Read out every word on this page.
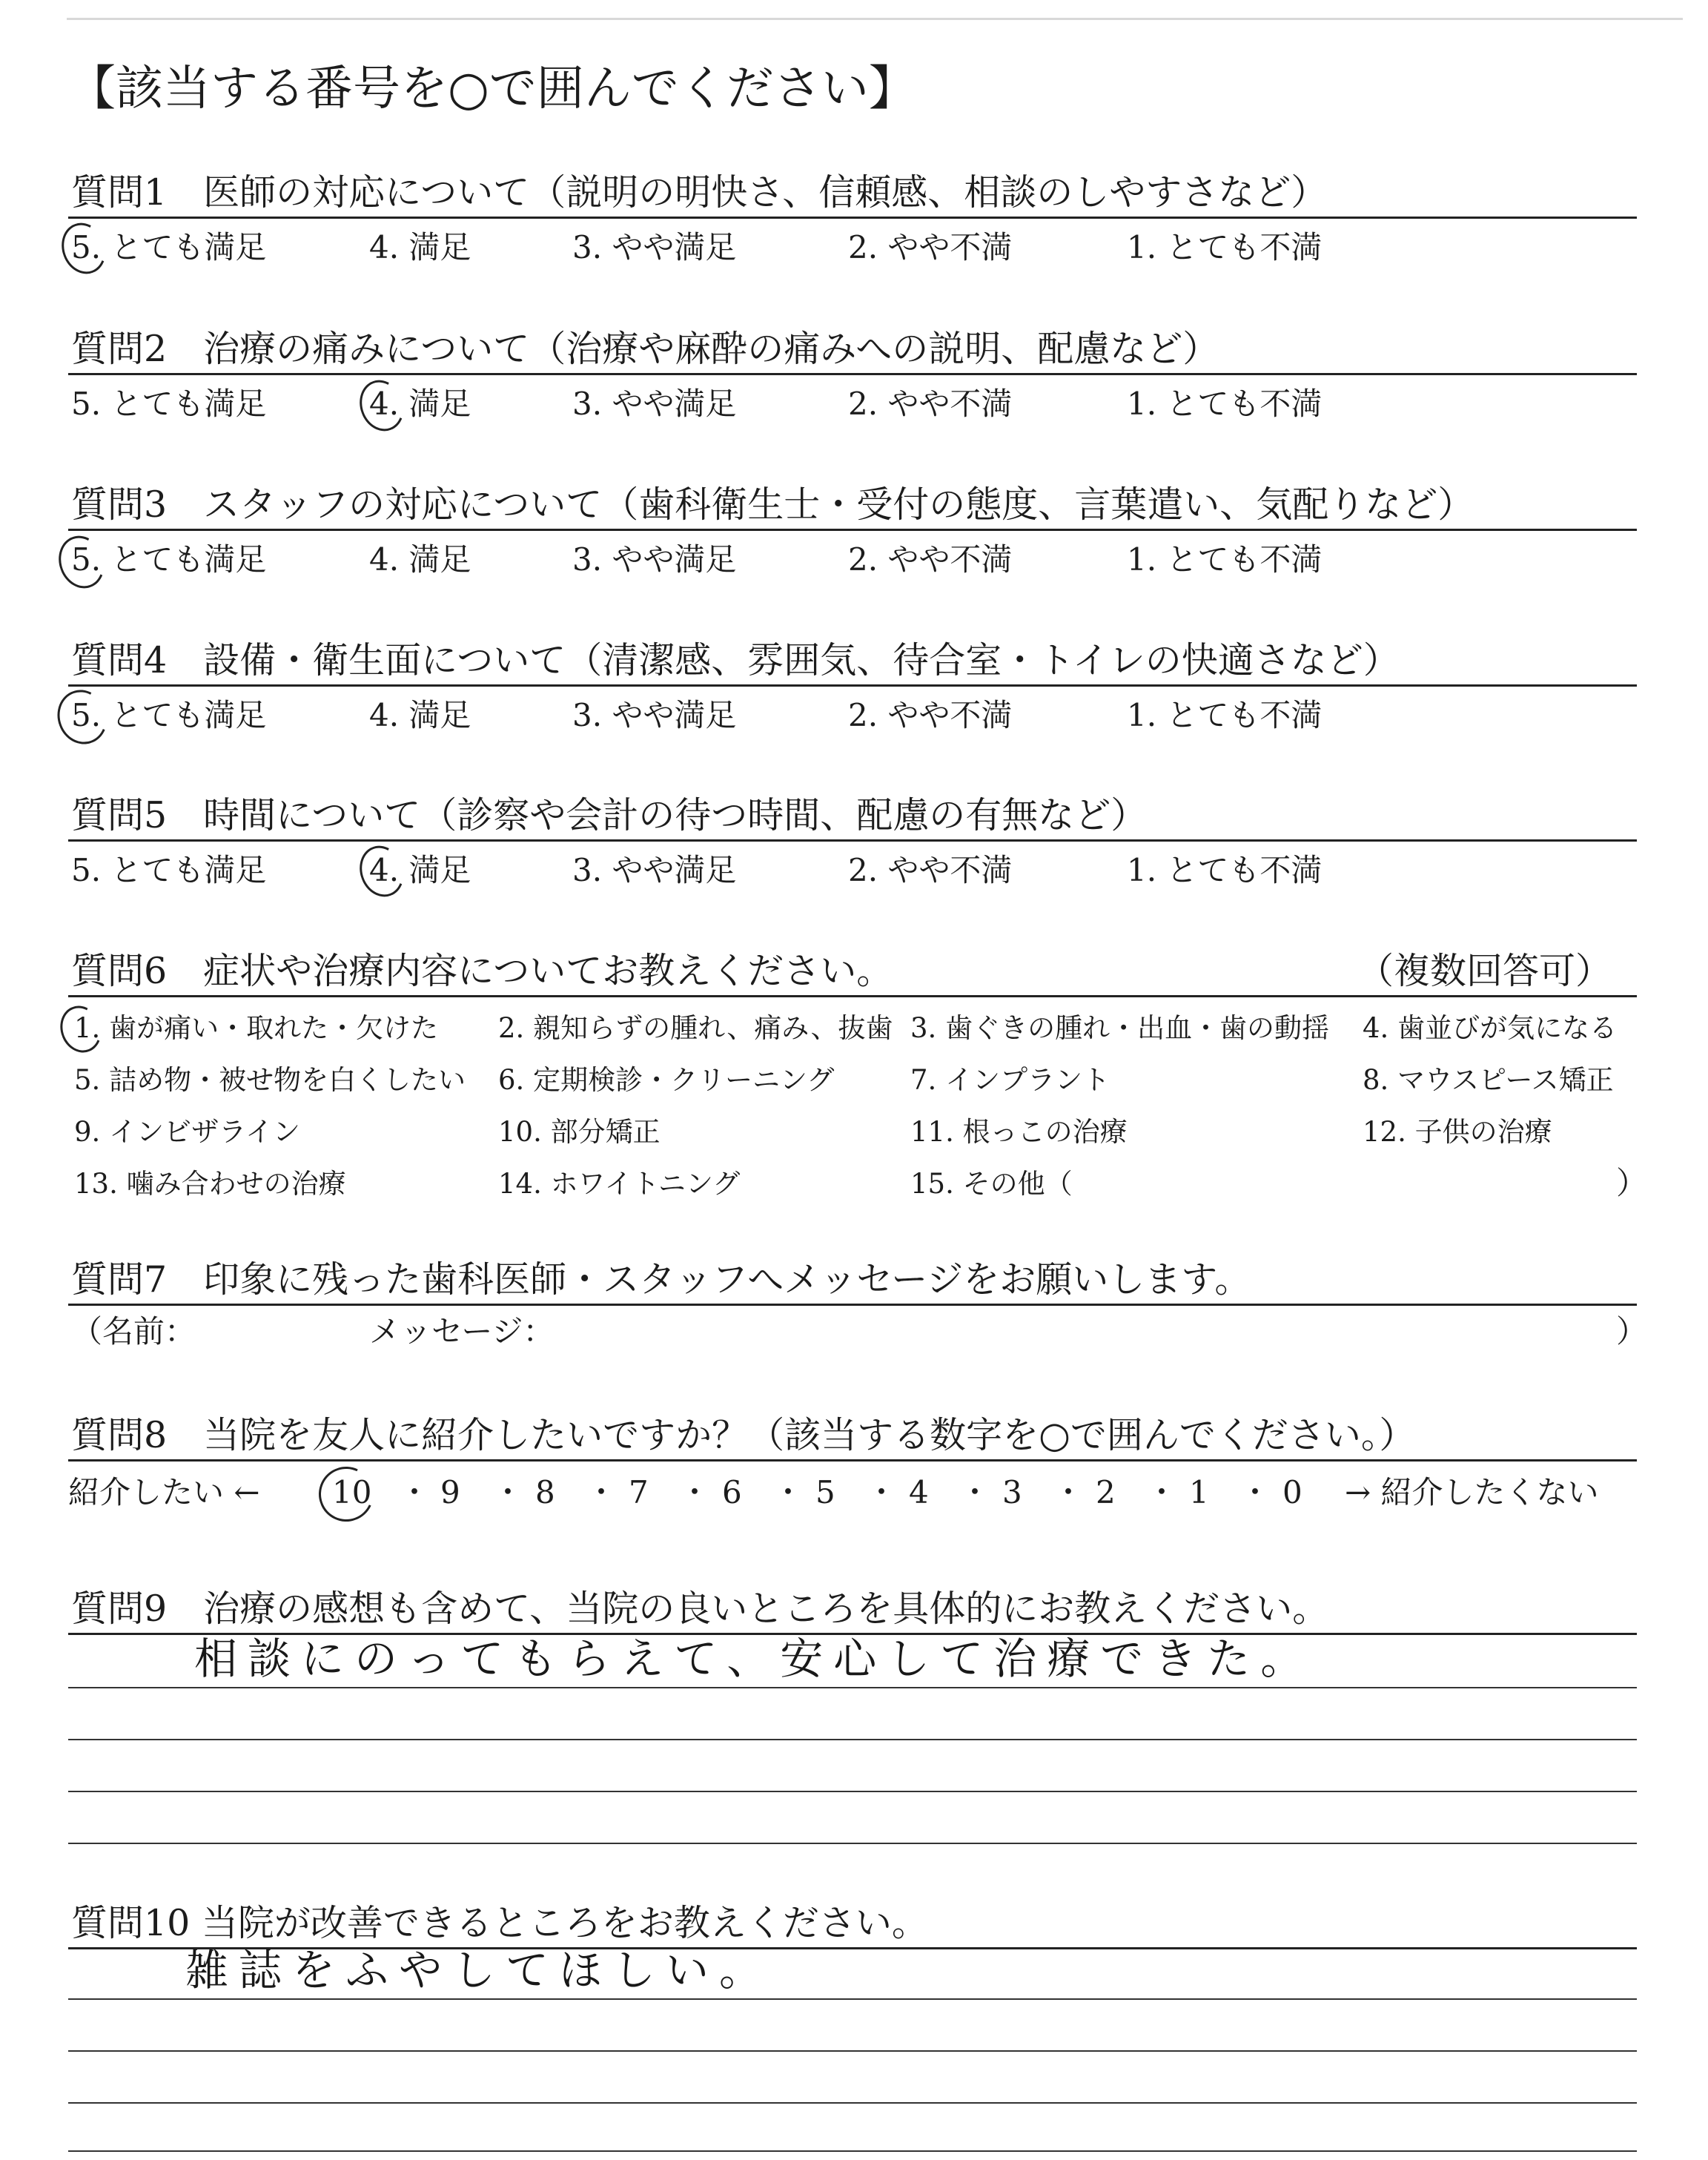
【該当する番号を○で囲んでください】
質問1　医師の対応について（説明の明快さ、信頼感、相談のしやすさなど）
5. とても満足	4. 満足	3. やや満足	2. やや不満	1. とても不満
質問2　治療の痛みについて（治療や麻酔の痛みへの説明、配慮など）
5. とても満足	4. 満足	3. やや満足	2. やや不満	1. とても不満
質問3　スタッフの対応について（歯科衛生士・受付の態度、言葉遣い、気配りなど）
5. とても満足	4. 満足	3. やや満足	2. やや不満	1. とても不満
質問4　設備・衛生面について（清潔感、雰囲気、待合室・トイレの快適さなど）
5. とても満足	4. 満足	3. やや満足	2. やや不満	1. とても不満
質問5　時間について（診察や会計の待つ時間、配慮の有無など）
5. とても満足	4. 満足	3. やや満足	2. やや不満	1. とても不満
質問6　症状や治療内容についてお教えください。	（複数回答可）
1. 歯が痛い・取れた・欠けた 2. 親知らずの腫れ、痛み、抜歯 3. 歯ぐきの腫れ・出血・歯の動揺 4. 歯並びが気になる
5. 詰め物・被せ物を白くしたい 6. 定期検診・クリーニング	7. インプラント	8. マウスピース矯正
9. インビザライン	10. 部分矯正	11. 根っこの治療	12. 子供の治療
13. 噛み合わせの治療	14. ホワイトニング	15. その他（	）
質問7　印象に残った歯科医師・スタッフへメッセージをお願いします。
（名前：	メッセージ：	）
質問8　当院を友人に紹介したいですか？（該当する数字を○で囲んでください。）
紹介したい ← 10 ・ 9 ・ 8 ・ 7 ・ 6 ・ 5 ・ 4 ・ 3 ・ 2 ・ 1 ・ 0 → 紹介したくない
質問9　治療の感想も含めて、当院の良いところを具体的にお教えください。
相談にのってもらえて、安心して治療できた。
質問10 当院が改善できるところをお教えください。
雑誌をふやしてほしい。
